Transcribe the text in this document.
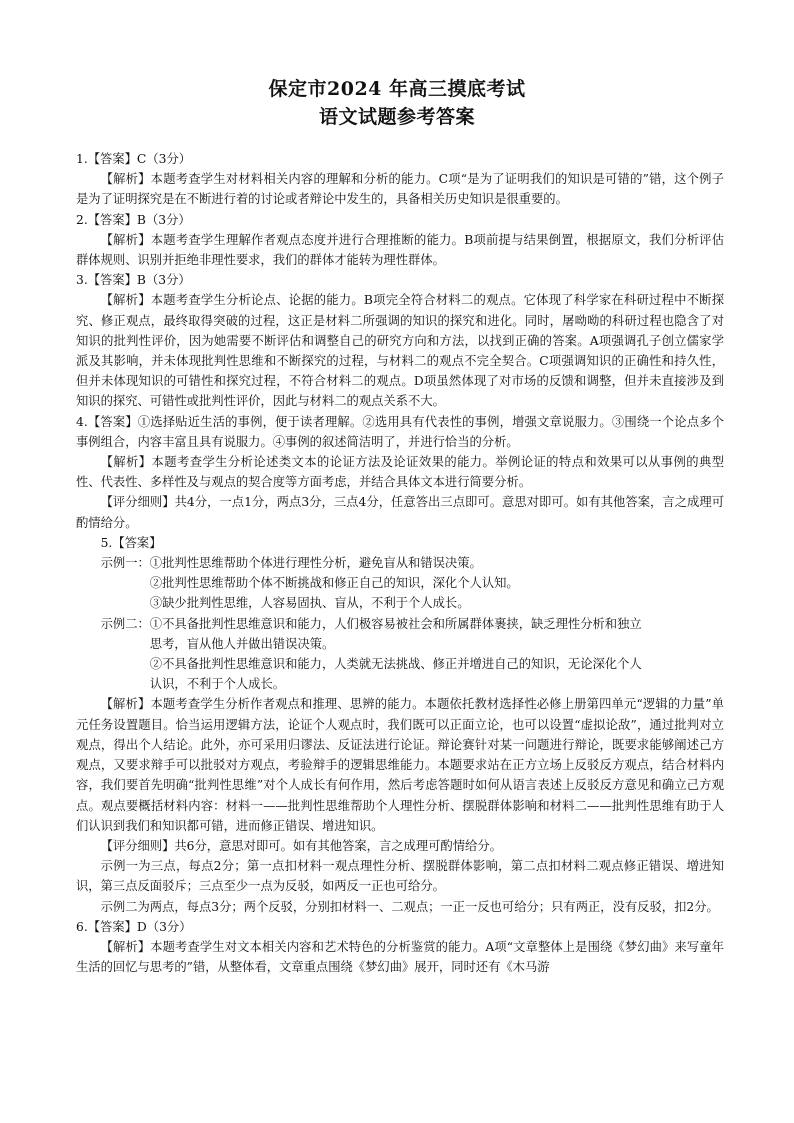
保定市2024 年高三摸底考试
语文试题参考答案

1.【答案】C（3分）

【解析】本题考查学生对材料相关内容的理解和分析的能力。C项“是为了证明我们的知识是可错的”错，这个例子是为了证明探究是在不断进行着的讨论或者辩论中发生的，具备相关历史知识是很重要的。

2.【答案】B（3分）

【解析】本题考查学生理解作者观点态度并进行合理推断的能力。B项前提与结果倒置，根据原文，我们分析评估群体规则、识别并拒绝非理性要求，我们的群体才能转为理性群体。

3.【答案】B（3分）

【解析】本题考查学生分析论点、论据的能力。B项完全符合材料二的观点。它体现了科学家在科研过程中不断探究、修正观点，最终取得突破的过程，这正是材料二所强调的知识的探究和进化。同时，屠呦呦的科研过程也隐含了对知识的批判性评价，因为她需要不断评估和调整自己的研究方向和方法，以找到正确的答案。A项强调孔子创立儒家学派及其影响，并未体现批判性思维和不断探究的过程，与材料二的观点不完全契合。C项强调知识的正确性和持久性，但并未体现知识的可错性和探究过程，不符合材料二的观点。D项虽然体现了对市场的反馈和调整，但并未直接涉及到知识的探究、可错性或批判性评价，因此与材料二的观点关系不大。

4.【答案】①选择贴近生活的事例，便于读者理解。②选用具有代表性的事例，增强文章说服力。③围绕一个论点多个事例组合，内容丰富且具有说服力。④事例的叙述简洁明了，并进行恰当的分析。

【解析】本题考查学生分析论述类文本的论证方法及论证效果的能力。举例论证的特点和效果可以从事例的典型性、代表性、多样性及与观点的契合度等方面考虑，并结合具体文本进行简要分析。

【评分细则】共4分，一点1分，两点3分，三点4分，任意答出三点即可。意思对即可。如有其他答案，言之成理可酌情给分。

5.【答案】

示例一： ①批判性思维帮助个体进行理性分析，避免盲从和错误决策。

②批判性思维帮助个体不断挑战和修正自己的知识，深化个人认知。

③缺少批判性思维，人容易固执、盲从，不利于个人成长。

示例二： ①不具备批判性思维意识和能力，人们极容易被社会和所属群体裹挟，缺乏理性分析和独立

思考，盲从他人并做出错误决策。

②不具备批判性思维意识和能力，人类就无法挑战、修正并增进自己的知识，无论深化个人

认识，不利于个人成长。

【解析】本题考查学生分析作者观点和推理、思辨的能力。本题依托教材选择性必修上册第四单元“逻辑的力量”单元任务设置题目。恰当运用逻辑方法，论证个人观点时，我们既可以正面立论，也可以设置“虚拟论敌”，通过批判对立观点，得出个人结论。此外，亦可采用归谬法、反证法进行论证。辩论赛针对某一问题进行辩论，既要求能够阐述己方观点，又要求辩手可以批驳对方观点，考验辩手的逻辑思维能力。本题要求站在正方立场上反驳反方观点，结合材料内容，我们要首先明确“批判性思维”对个人成长有何作用，然后考虑答题时如何从语言表述上反驳反方意见和确立己方观点。观点要概括材料内容：材料一——批判性思维帮助个人理性分析、摆脱群体影响和材料二——批判性思维有助于人们认识到我们和知识都可错，进而修正错误、增进知识。

【评分细则】共6分，意思对即可。如有其他答案，言之成理可酌情给分。

示例一为三点，每点2分；第一点扣材料一观点理性分析、摆脱群体影响，第二点扣材料二观点修正错误、增进知识，第三点反面驳斥；三点至少一点为反驳，如两反一正也可给分。

示例二为两点，每点3分；两个反驳，分别扣材料一、二观点；一正一反也可给分；只有两正，没有反驳，扣2分。

6.【答案】D（3分）

【解析】本题考查学生对文本相关内容和艺术特色的分析鉴赏的能力。A项“文章整体上是围绕《梦幻曲》来写童年生活的回忆与思考的”错，从整体看，文章重点围绕《梦幻曲》展开，同时还有《木马游
